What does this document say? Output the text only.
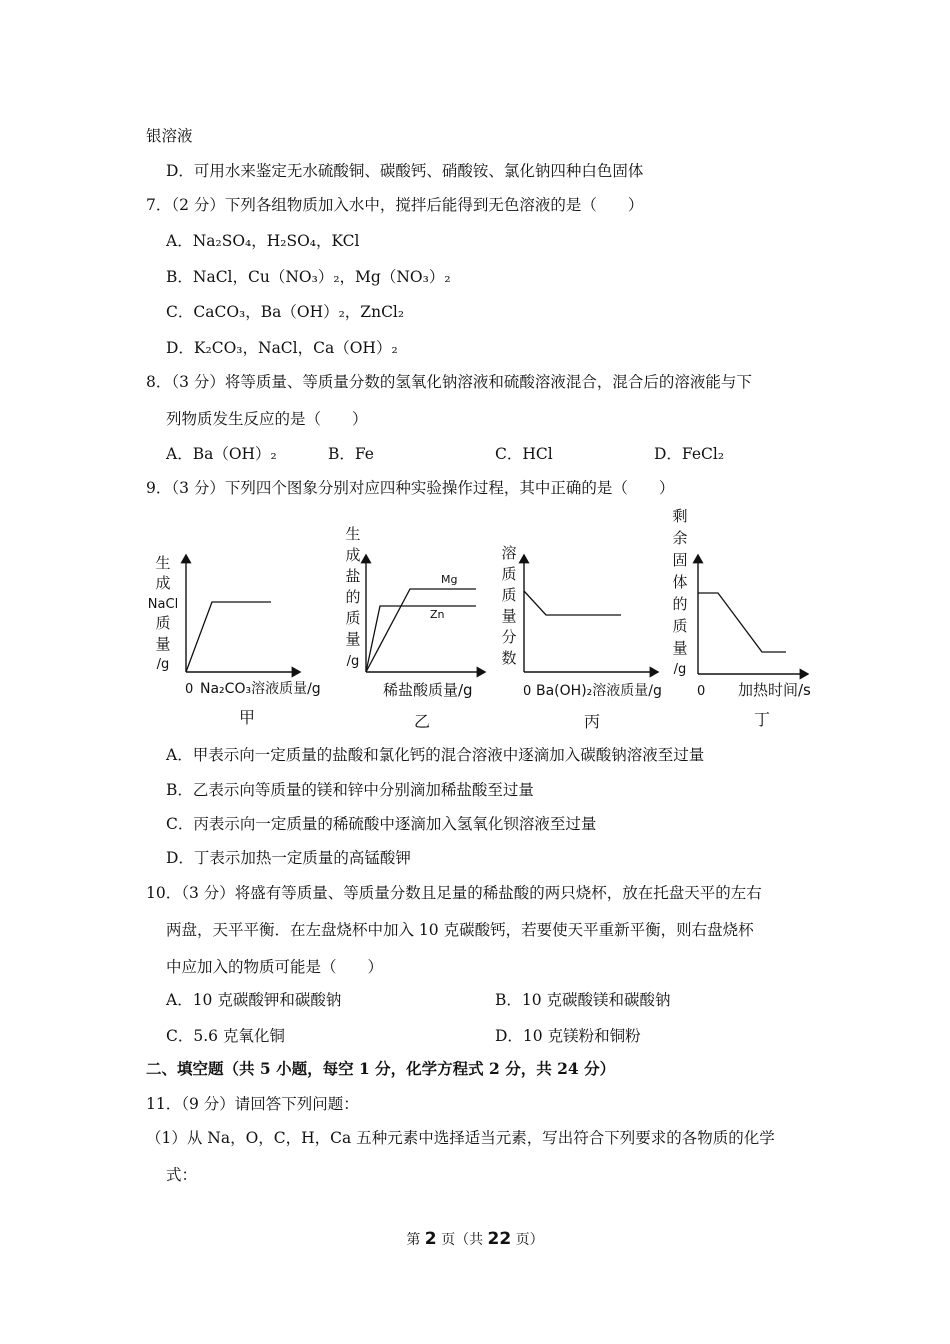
银溶液
D．可用水来鉴定无水硫酸铜、碳酸钙、硝酸铵、氯化钠四种白色固体
7．（2 分）下列各组物质加入水中，搅拌后能得到无色溶液的是（　　）
A．Na₂SO₄，H₂SO₄，KCl
B．NaCl，Cu（NO₃）₂，Mg（NO₃）₂
C．CaCO₃，Ba（OH）₂，ZnCl₂
D．K₂CO₃，NaCl，Ca（OH）₂
8．（3 分）将等质量、等质量分数的氢氧化钠溶液和硫酸溶液混合，混合后的溶液能与下
列物质发生反应的是（　　）
A．Ba（OH）₂	B．Fe	C．HCl	D．FeCl₂
9．（3 分）下列四个图象分别对应四种实验操作过程，其中正确的是（　　）
生
成
NaCl
质
量
/g
0 Na₂CO₃溶液质量/g
甲
生
成
盐
的
质
量
/g
Mg
Zn
稀盐酸质量/g
乙
溶
质
质
量
分
数
0 Ba(OH)₂溶液质量/g
丙
剩
余
固
体
的
质
量
/g
0 加热时间/s
丁
A．甲表示向一定质量的盐酸和氯化钙的混合溶液中逐滴加入碳酸钠溶液至过量
B．乙表示向等质量的镁和锌中分别滴加稀盐酸至过量
C．丙表示向一定质量的稀硫酸中逐滴加入氢氧化钡溶液至过量
D．丁表示加热一定质量的高锰酸钾
10．（3 分）将盛有等质量、等质量分数且足量的稀盐酸的两只烧杯，放在托盘天平的左右
两盘，天平平衡．在左盘烧杯中加入 10 克碳酸钙，若要使天平重新平衡，则右盘烧杯
中应加入的物质可能是（　　）
A．10 克碳酸钾和碳酸钠	B．10 克碳酸镁和碳酸钠
C．5.6 克氧化铜	D．10 克镁粉和铜粉
二、填空题（共 5 小题，每空 1 分，化学方程式 2 分，共 24 分）
11．（9 分）请回答下列问题：
（1）从 Na，O，C，H，Ca 五种元素中选择适当元素，写出符合下列要求的各物质的化学
式：
第 2 页（共 22 页）
